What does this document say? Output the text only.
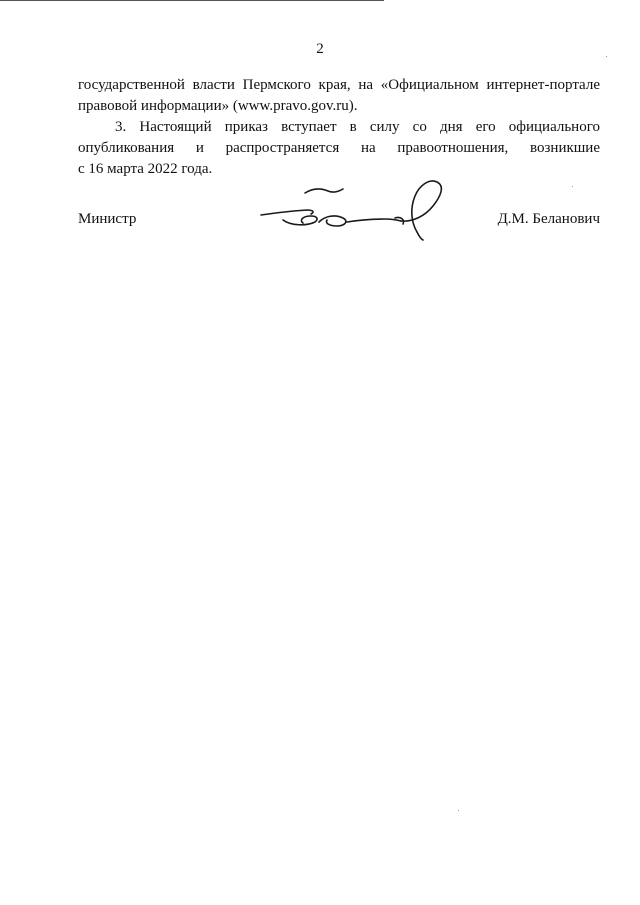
2
государственной власти Пермского края, на «Официальном интернет-портале
правовой информации» (www.pravo.gov.ru).
3. Настоящий приказ вступает в силу со дня его официального
опубликования и распространяется на правоотношения, возникшие
с 16 марта 2022 года.
Министр	Д.М. Беланович
